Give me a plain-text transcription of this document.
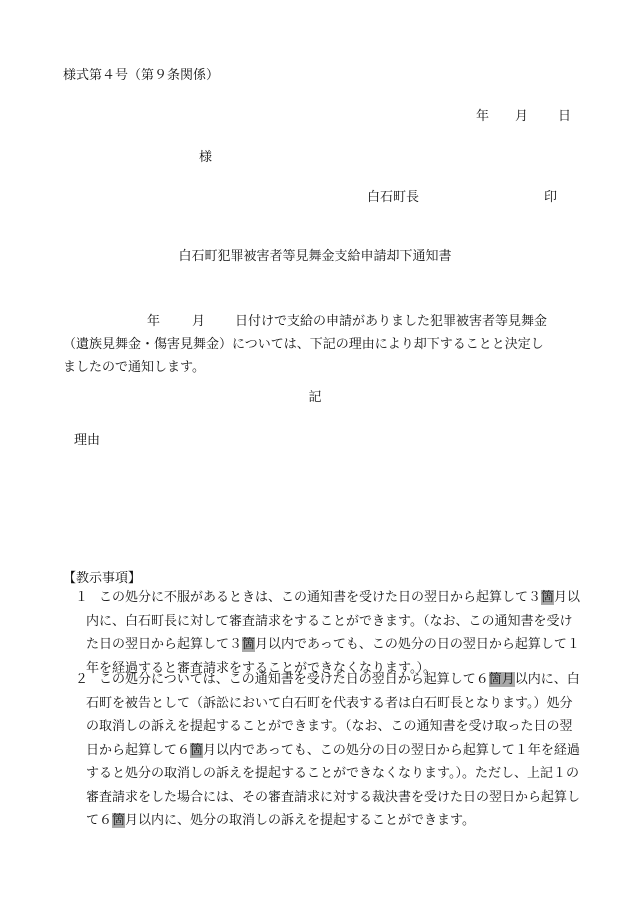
様式第４号（第９条関係）
年 月 日
様
白石町長	印
白石町犯罪被害者等見舞金支給申請却下通知書
年 月 日付けで支給の申請がありました犯罪被害者等見舞金
（遺族見舞金・傷害見舞金）については、下記の理由により却下することと決定し
ましたので通知します。
記
理由
【教示事項】
１ この処分に不服があるときは、この通知書を受けた日の翌日から起算して３箇月以内に、白石町長に対して審査請求をすることができます。（なお、この通知書を受けた日の翌日から起算して３箇月以内であっても、この処分の日の翌日から起算して１年を経過すると審査請求をすることができなくなります。）。
２ この処分については、この通知書を受けた日の翌日から起算して６箇月以内に、白石町を被告として（訴訟において白石町を代表する者は白石町長となります。）処分の取消しの訴えを提起することができます。（なお、この通知書を受け取った日の翌日から起算して６箇月以内であっても、この処分の日の翌日から起算して１年を経過すると処分の取消しの訴えを提起することができなくなります。）。ただし、上記１の審査請求をした場合には、その審査請求に対する裁決書を受けた日の翌日から起算して６箇月以内に、処分の取消しの訴えを提起することができます。
